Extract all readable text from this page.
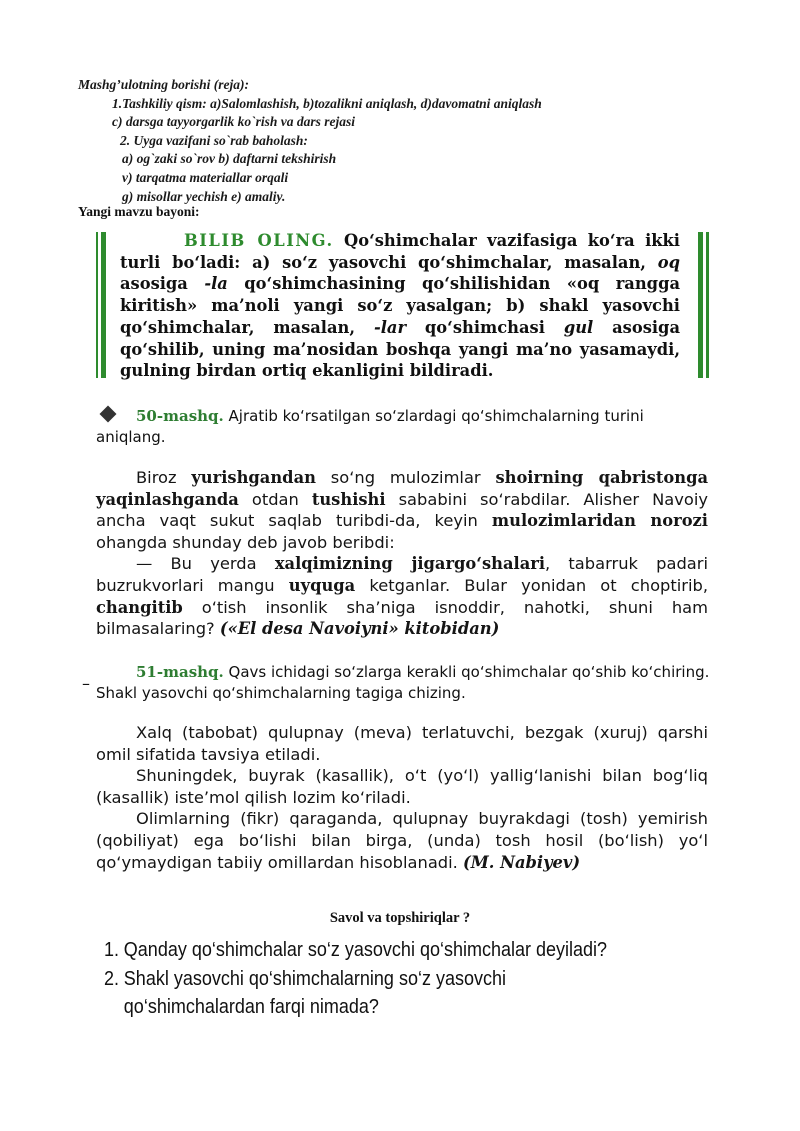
Mashg’ulotning borishi (reja):
1.Tashkiliy qism: a)Salomlashish, b)tozalikni aniqlash, d)davomatni aniqlash
c) darsga tayyorgarlik ko`rish va dars rejasi
2. Uyga vazifani so`rab baholash:
a) og`zaki so`rov b) daftarni tekshirish
v) tarqatma materiallar orqali
g) misollar yechish e) amaliy.
Yangi mavzu bayoni:
BILIB OLING. Qo‘shimchalar vazifasiga ko‘ra ikki turli bo‘ladi: a) so‘z yasovchi qo‘shimchalar, masalan, oq asosiga -la qo‘shimchasining qo‘shilishidan «oq rangga kiritish» ma’noli yangi so‘z yasalgan; b) shakl yasovchi qo‘shimchalar, masalan, -lar qo‘shimchasi gul asosiga qo‘shilib, uning ma’nosidan boshqa yangi ma’no yasamaydi, gulning birdan ortiq ekanligini bildiradi.
50-mashq. Ajratib ko‘rsatilgan so‘zlardagi qo‘shimchalarning turini aniqlang.

Biroz yurishgandan so‘ng mulozimlar shoirning qabristonga yaqinlashganda otdan tushishi sababini so‘rabdilar. Alisher Navoiy ancha vaqt sukut saqlab turibdi-da, keyin mulozimlaridan norozi ohangda shunday deb javob beribdi:

— Bu yerda xalqimizning jigargo‘shalari, tabarruk padari buzrukvorlari mangu uyquga ketganlar. Bular yonidan ot choptirib, changitib o‘tish insonlik sha’niga isnoddir, nahotki, shuni ham bilmasalaring? («El desa Navoiyni» kitobidan)

–
51-mashq. Qavs ichidagi so‘zlarga kerakli qo‘shimchalar qo‘shib ko‘chiring. Shakl yasovchi qo‘shimchalarning tagiga chizing.

Xalq (tabobat) qulupnay (meva) terlatuvchi, bezgak (xuruj) qarshi omil sifatida tavsiya etiladi.

Shuningdek, buyrak (kasallik), o‘t (yo‘l) yallig‘lanishi bilan bog‘liq (kasallik) iste’mol qilish lozim ko‘riladi.

Olimlarning (fikr) qaraganda, qulupnay buyrakdagi (tosh) yemirish (qobiliyat) ega bo‘lishi bilan birga, (unda) tosh hosil (bo‘lish) yo‘l qo‘ymaydigan tabiiy omillardan hisoblanadi. (M. Nabiyev)

Savol va topshiriqlar ?
1. Qanday qo‘shimchalar so‘z yasovchi qo‘shimchalar deyiladi?
2. Shakl yasovchi qo‘shimchalarning so‘z yasovchi qo‘shimchalardan farqi nimada?
